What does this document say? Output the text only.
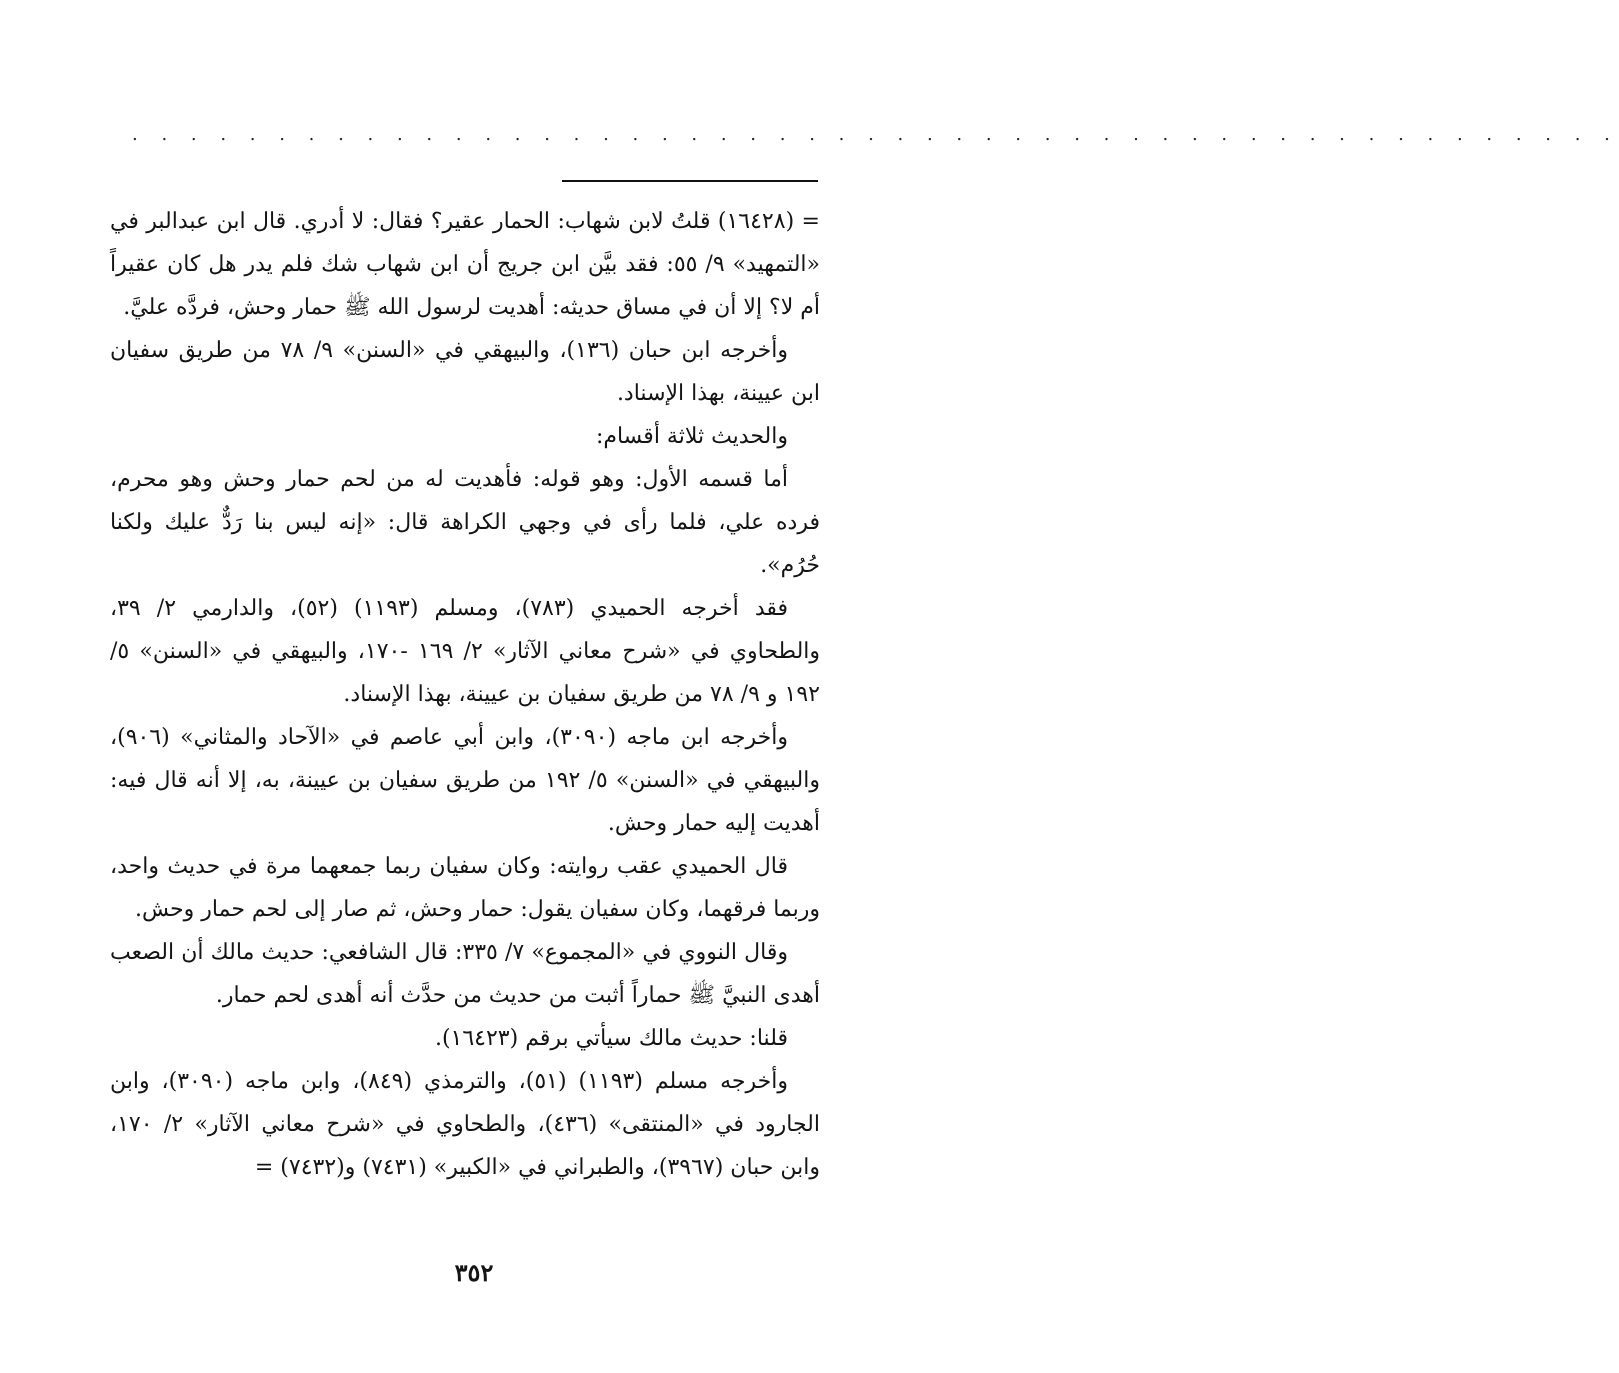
. . . . . . . . . . . . . . . . . . . . . . . . . . . . . . . . . . . . . . . . . . . . . . . . . . .

= (١٦٤٢٨) قلتُ لابن شهاب: الحمار عقير؟ فقال: لا أدري. قال ابن عبدالبر في «التمهيد» ٩/ ٥٥: فقد بيَّن ابن جريج أن ابن شهاب شك فلم يدر هل كان عقيراً أم لا؟ إلا أن في مساق حديثه: أهديت لرسول الله ﷺ حمار وحش، فردَّه عليَّ.

وأخرجه ابن حبان (١٣٦)، والبيهقي في «السنن» ٩/ ٧٨ من طريق سفيان ابن عيينة، بهذا الإسناد.

والحديث ثلاثة أقسام:

أما قسمه الأول: وهو قوله: فأهديت له من لحم حمار وحش وهو محرم، فرده علي، فلما رأى في وجهي الكراهة قال: «إنه ليس بنا رَدٌّ عليك ولكنا حُرُم».

فقد أخرجه الحميدي (٧٨٣)، ومسلم (١١٩٣) (٥٢)، والدارمي ٢/ ٣٩، والطحاوي في «شرح معاني الآثار» ٢/ ١٦٩ -١٧٠، والبيهقي في «السنن» ٥/ ١٩٢ و ٩/ ٧٨ من طريق سفيان بن عيينة، بهذا الإسناد.

وأخرجه ابن ماجه (٣٠٩٠)، وابن أبي عاصم في «الآحاد والمثاني» (٩٠٦)، والبيهقي في «السنن» ٥/ ١٩٢ من طريق سفيان بن عيينة، به، إلا أنه قال فيه: أهديت إليه حمار وحش.

قال الحميدي عقب روايته: وكان سفيان ربما جمعهما مرة في حديث واحد، وربما فرقهما، وكان سفيان يقول: حمار وحش، ثم صار إلى لحم حمار وحش.

وقال النووي في «المجموع» ٧/ ٣٣٥: قال الشافعي: حديث مالك أن الصعب أهدى النبيَّ ﷺ حماراً أثبت من حديث من حدَّث أنه أهدى لحم حمار.

قلنا: حديث مالك سيأتي برقم (١٦٤٢٣).

وأخرجه مسلم (١١٩٣) (٥١)، والترمذي (٨٤٩)، وابن ماجه (٣٠٩٠)، وابن الجارود في «المنتقى» (٤٣٦)، والطحاوي في «شرح معاني الآثار» ٢/ ١٧٠، وابن حبان (٣٩٦٧)، والطبراني في «الكبير» (٧٤٣١) و(٧٤٣٢) =

٣٥٢
